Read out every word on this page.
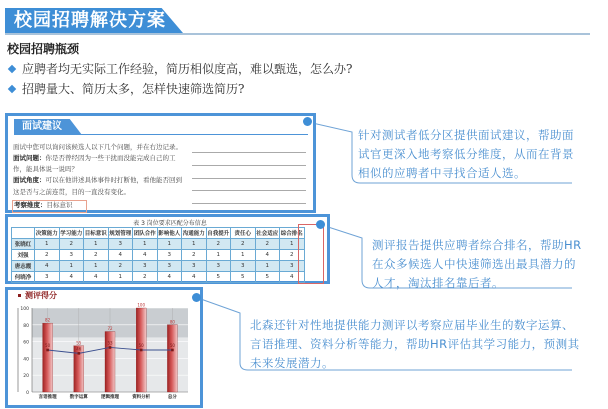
校园招聘解决方案
校园招聘瓶颈
应聘者均无实际工作经验，简历相似度高，难以甄选，怎么办?
招聘量大、简历太多，怎样快速筛选简历?
面试建议
面试中您可以询问该候选人以下几个问题，并在右边记录。
面试问题：你是否曾经因为一些干扰而没能完成自己的工
作，能具体说一说吗？
面试角度：可以在他讲述具体事件时打断他，看他能否回到
这是否与之前连贯，目的一直没有变化。
考察维度：目标意识
针对测试者低分区提供面试建议，帮助面试官更深入地考察低分维度，从而在背景相似的应聘者中寻找合适人选。
表 3 岗位要求匹配分布信息
	决策能力	学习能力	目标意识	规划管理	团队合作	影响他人	沟通能力	自我提升	责任心	社会适应	综合排名
张晓红	1	2	1	3	1	1	1	2	2	2	1
刘强	2	3	2	4	4	3	2	1	1	4	2
唐志霞	4	1	1	2	3	3	3	3	3	1	3
何晓净	3	4	4	1	2	4	4	5	5	5	4
测评报告提供应聘者综合排名，帮助HR在众多候选人中快速筛选出最具潜力的人才，淘汰排名靠后者。
测评得分
0
20
40
60
80
100
82
言语推理
55
数字运算
72
逻辑推理
100
资料分析
80
总分
50
46
53
50	50
北森还针对性地提供能力测评以考察应届毕业生的数字运算、言语推理、资料分析等能力，帮助HR评估其学习能力，预测其未来发展潜力。
